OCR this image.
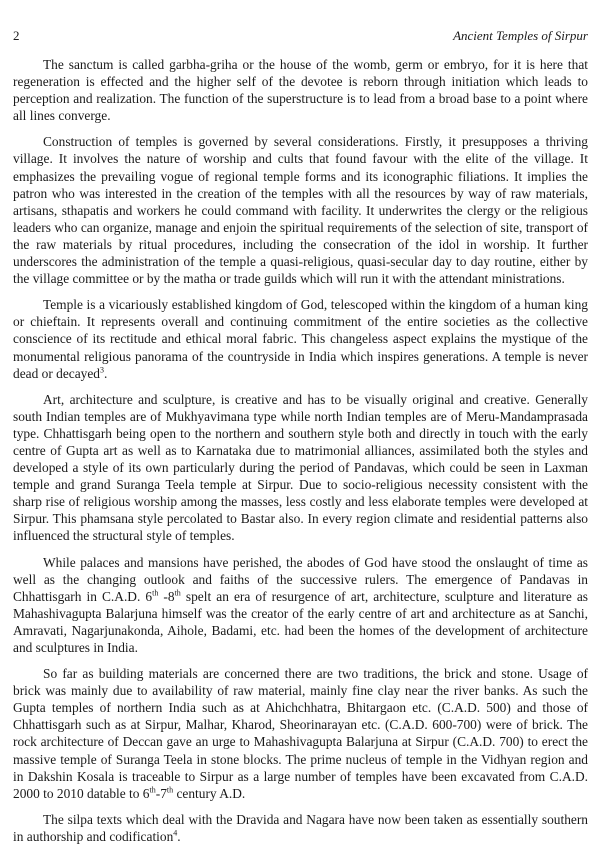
2	Ancient Temples of Sirpur

The sanctum is called garbha-griha or the house of the womb, germ or embryo, for it is here that regeneration is effected and the higher self of the devotee is reborn through initiation which leads to perception and realization. The function of the superstructure is to lead from a broad base to a point where all lines converge.

Construction of temples is governed by several considerations. Firstly, it presupposes a thriving village. It involves the nature of worship and cults that found favour with the elite of the village. It emphasizes the prevailing vogue of regional temple forms and its iconographic filiations. It implies the patron who was interested in the creation of the temples with all the resources by way of raw materials, artisans, sthapatis and workers he could command with facility. It underwrites the clergy or the religious leaders who can organize, manage and enjoin the spiritual requirements of the selection of site, transport of the raw materials by ritual procedures, including the consecration of the idol in worship. It further underscores the administration of the temple a quasi-religious, quasi-secular day to day routine, either by the village committee or by the matha or trade guilds which will run it with the attendant ministrations.

Temple is a vicariously established kingdom of God, telescoped within the kingdom of a human king or chieftain. It represents overall and continuing commitment of the entire societies as the collective conscience of its rectitude and ethical moral fabric. This changeless aspect explains the mystique of the monumental religious panorama of the countryside in India which inspires generations. A temple is never dead or decayed$^3$.

Art, architecture and sculpture, is creative and has to be visually original and creative. Generally south Indian temples are of Mukhyavimana type while north Indian temples are of Meru-Mandamprasada type. Chhattisgarh being open to the northern and southern style both and directly in touch with the early centre of Gupta art as well as to Karnataka due to matrimonial alliances, assimilated both the styles and developed a style of its own particularly during the period of Pandavas, which could be seen in Laxman temple and grand Suranga Teela temple at Sirpur. Due to socio-religious necessity consistent with the sharp rise of religious worship among the masses, less costly and less elaborate temples were developed at Sirpur. This phamsana style percolated to Bastar also. In every region climate and residential patterns also influenced the structural style of temples.

While palaces and mansions have perished, the abodes of God have stood the onslaught of time as well as the changing outlook and faiths of the successive rulers. The emergence of Pandavas in Chhattisgarh in C.A.D. 6th -8th spelt an era of resurgence of art, architecture, sculpture and literature as Mahashivagupta Balarjuna himself was the creator of the early centre of art and architecture as at Sanchi, Amravati, Nagarjunakonda, Aihole, Badami, etc. had been the homes of the development of architecture and sculptures in India.

So far as building materials are concerned there are two traditions, the brick and stone. Usage of brick was mainly due to availability of raw material, mainly fine clay near the river banks. As such the Gupta temples of northern India such as at Ahichchhatra, Bhitargaon etc. (C.A.D. 500) and those of Chhattisgarh such as at Sirpur, Malhar, Kharod, Sheorinarayan etc. (C.A.D. 600-700) were of brick. The rock architecture of Deccan gave an urge to Mahashivagupta Balarjuna at Sirpur (C.A.D. 700) to erect the massive temple of Suranga Teela in stone blocks. The prime nucleus of temple in the Vidhyan region and in Dakshin Kosala is traceable to Sirpur as a large number of temples have been excavated from C.A.D. 2000 to 2010 datable to 6th-7th century A.D.

The silpa texts which deal with the Dravida and Nagara have now been taken as essentially southern in authorship and codification$^4$.
